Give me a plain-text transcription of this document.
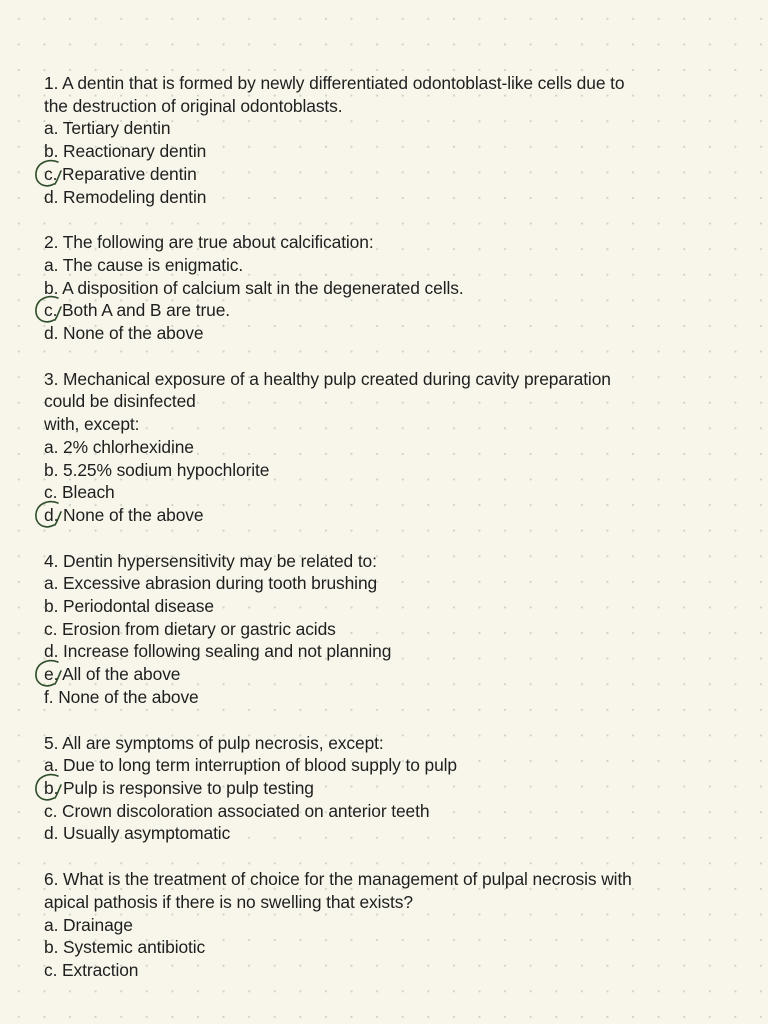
1. A dentin that is formed by newly differentiated odontoblast-like cells due to
the destruction of original odontoblasts.
a. Tertiary dentin
b. Reactionary dentin
c. Reparative dentin
d. Remodeling dentin
2. The following are true about calcification:
a. The cause is enigmatic.
b. A disposition of calcium salt in the degenerated cells.
c. Both A and B are true.
d. None of the above
3. Mechanical exposure of a healthy pulp created during cavity preparation
could be disinfected
with, except:
a. 2% chlorhexidine
b. 5.25% sodium hypochlorite
c. Bleach
d. None of the above
4. Dentin hypersensitivity may be related to:
a. Excessive abrasion during tooth brushing
b. Periodontal disease
c. Erosion from dietary or gastric acids
d. Increase following sealing and not planning
e. All of the above
f. None of the above
5. All are symptoms of pulp necrosis, except:
a. Due to long term interruption of blood supply to pulp
b. Pulp is responsive to pulp testing
c. Crown discoloration associated on anterior teeth
d. Usually asymptomatic
6. What is the treatment of choice for the management of pulpal necrosis with
apical pathosis if there is no swelling that exists?
a. Drainage
b. Systemic antibiotic
c. Extraction
